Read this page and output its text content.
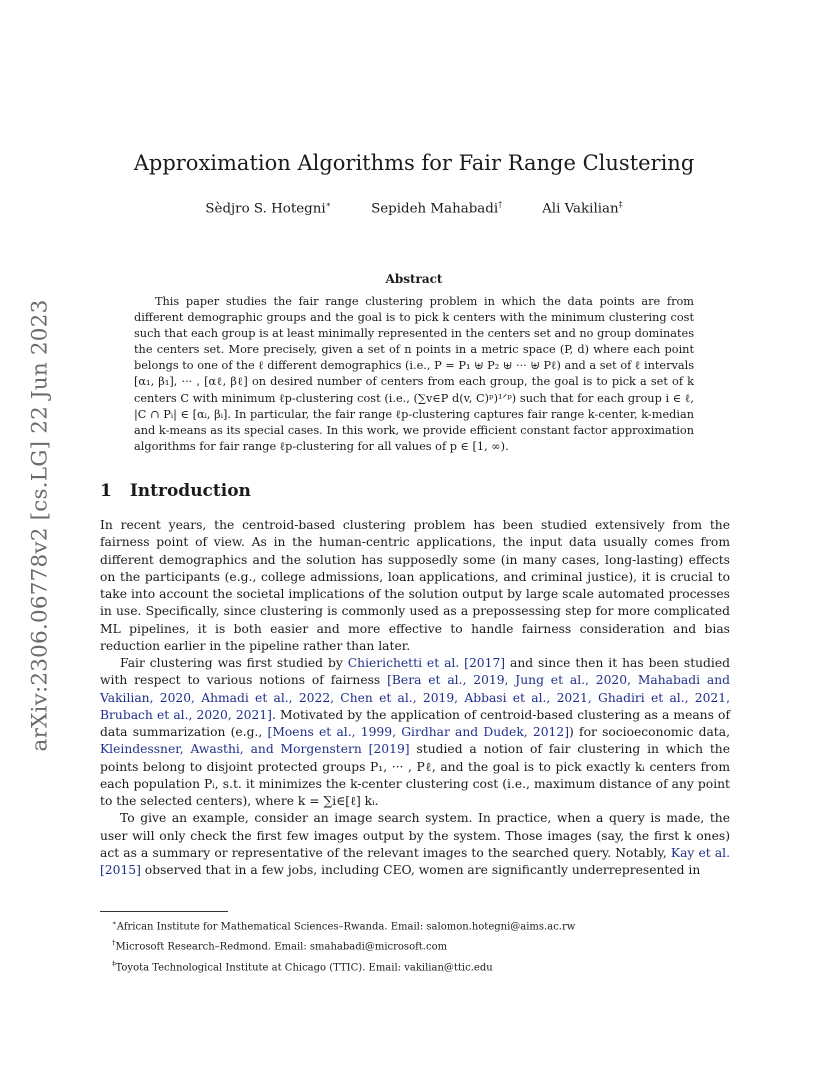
arXiv:2306.06778v2 [cs.LG] 22 Jun 2023
Approximation Algorithms for Fair Range Clustering
Sèdjro S. Hotegni∗	Sepideh Mahabadi†	Ali Vakilian‡
Abstract

This paper studies the fair range clustering problem in which the data points are from different demographic groups and the goal is to pick k centers with the minimum clustering cost such that each group is at least minimally represented in the centers set and no group dominates the centers set. More precisely, given a set of n points in a metric space (P, d) where each point belongs to one of the ℓ different demographics (i.e., P = P₁ ⊎ P₂ ⊎ ··· ⊎ Pℓ) and a set of ℓ intervals [α₁, β₁], ··· , [αℓ, βℓ] on desired number of centers from each group, the goal is to pick a set of k centers C with minimum ℓp-clustering cost (i.e., (∑v∈P d(v, C)ᵖ)¹ᐟᵖ) such that for each group i ∈ ℓ, |C ∩ Pᵢ| ∈ [αᵢ, βᵢ]. In particular, the fair range ℓp-clustering captures fair range k-center, k-median and k-means as its special cases. In this work, we provide efficient constant factor approximation algorithms for fair range ℓp-clustering for all values of p ∈ [1, ∞).

1 Introduction

In recent years, the centroid-based clustering problem has been studied extensively from the fairness point of view. As in the human-centric applications, the input data usually comes from different demographics and the solution has supposedly some (in many cases, long-lasting) effects on the participants (e.g., college admissions, loan applications, and criminal justice), it is crucial to take into account the societal implications of the solution output by large scale automated processes in use. Specifically, since clustering is commonly used as a prepossessing step for more complicated ML pipelines, it is both easier and more effective to handle fairness consideration and bias reduction earlier in the pipeline rather than later.

Fair clustering was first studied by Chierichetti et al. [2017] and since then it has been studied with respect to various notions of fairness [Bera et al., 2019, Jung et al., 2020, Mahabadi and Vakilian, 2020, Ahmadi et al., 2022, Chen et al., 2019, Abbasi et al., 2021, Ghadiri et al., 2021, Brubach et al., 2020, 2021]. Motivated by the application of centroid-based clustering as a means of data summarization (e.g., [Moens et al., 1999, Girdhar and Dudek, 2012]) for socioeconomic data, Kleindessner, Awasthi, and Morgenstern [2019] studied a notion of fair clustering in which the points belong to disjoint protected groups P₁, ··· , Pℓ, and the goal is to pick exactly kᵢ centers from each population Pᵢ, s.t. it minimizes the k-center clustering cost (i.e., maximum distance of any point to the selected centers), where k = ∑i∈[ℓ] kᵢ.

To give an example, consider an image search system. In practice, when a query is made, the user will only check the first few images output by the system. Those images (say, the first k ones) act as a summary or representative of the relevant images to the searched query. Notably, Kay et al. [2015] observed that in a few jobs, including CEO, women are significantly underrepresented in

∗African Institute for Mathematical Sciences–Rwanda. Email: salomon.hotegni@aims.ac.rw
†Microsoft Research–Redmond. Email: smahabadi@microsoft.com
‡Toyota Technological Institute at Chicago (TTIC). Email: vakilian@ttic.edu
